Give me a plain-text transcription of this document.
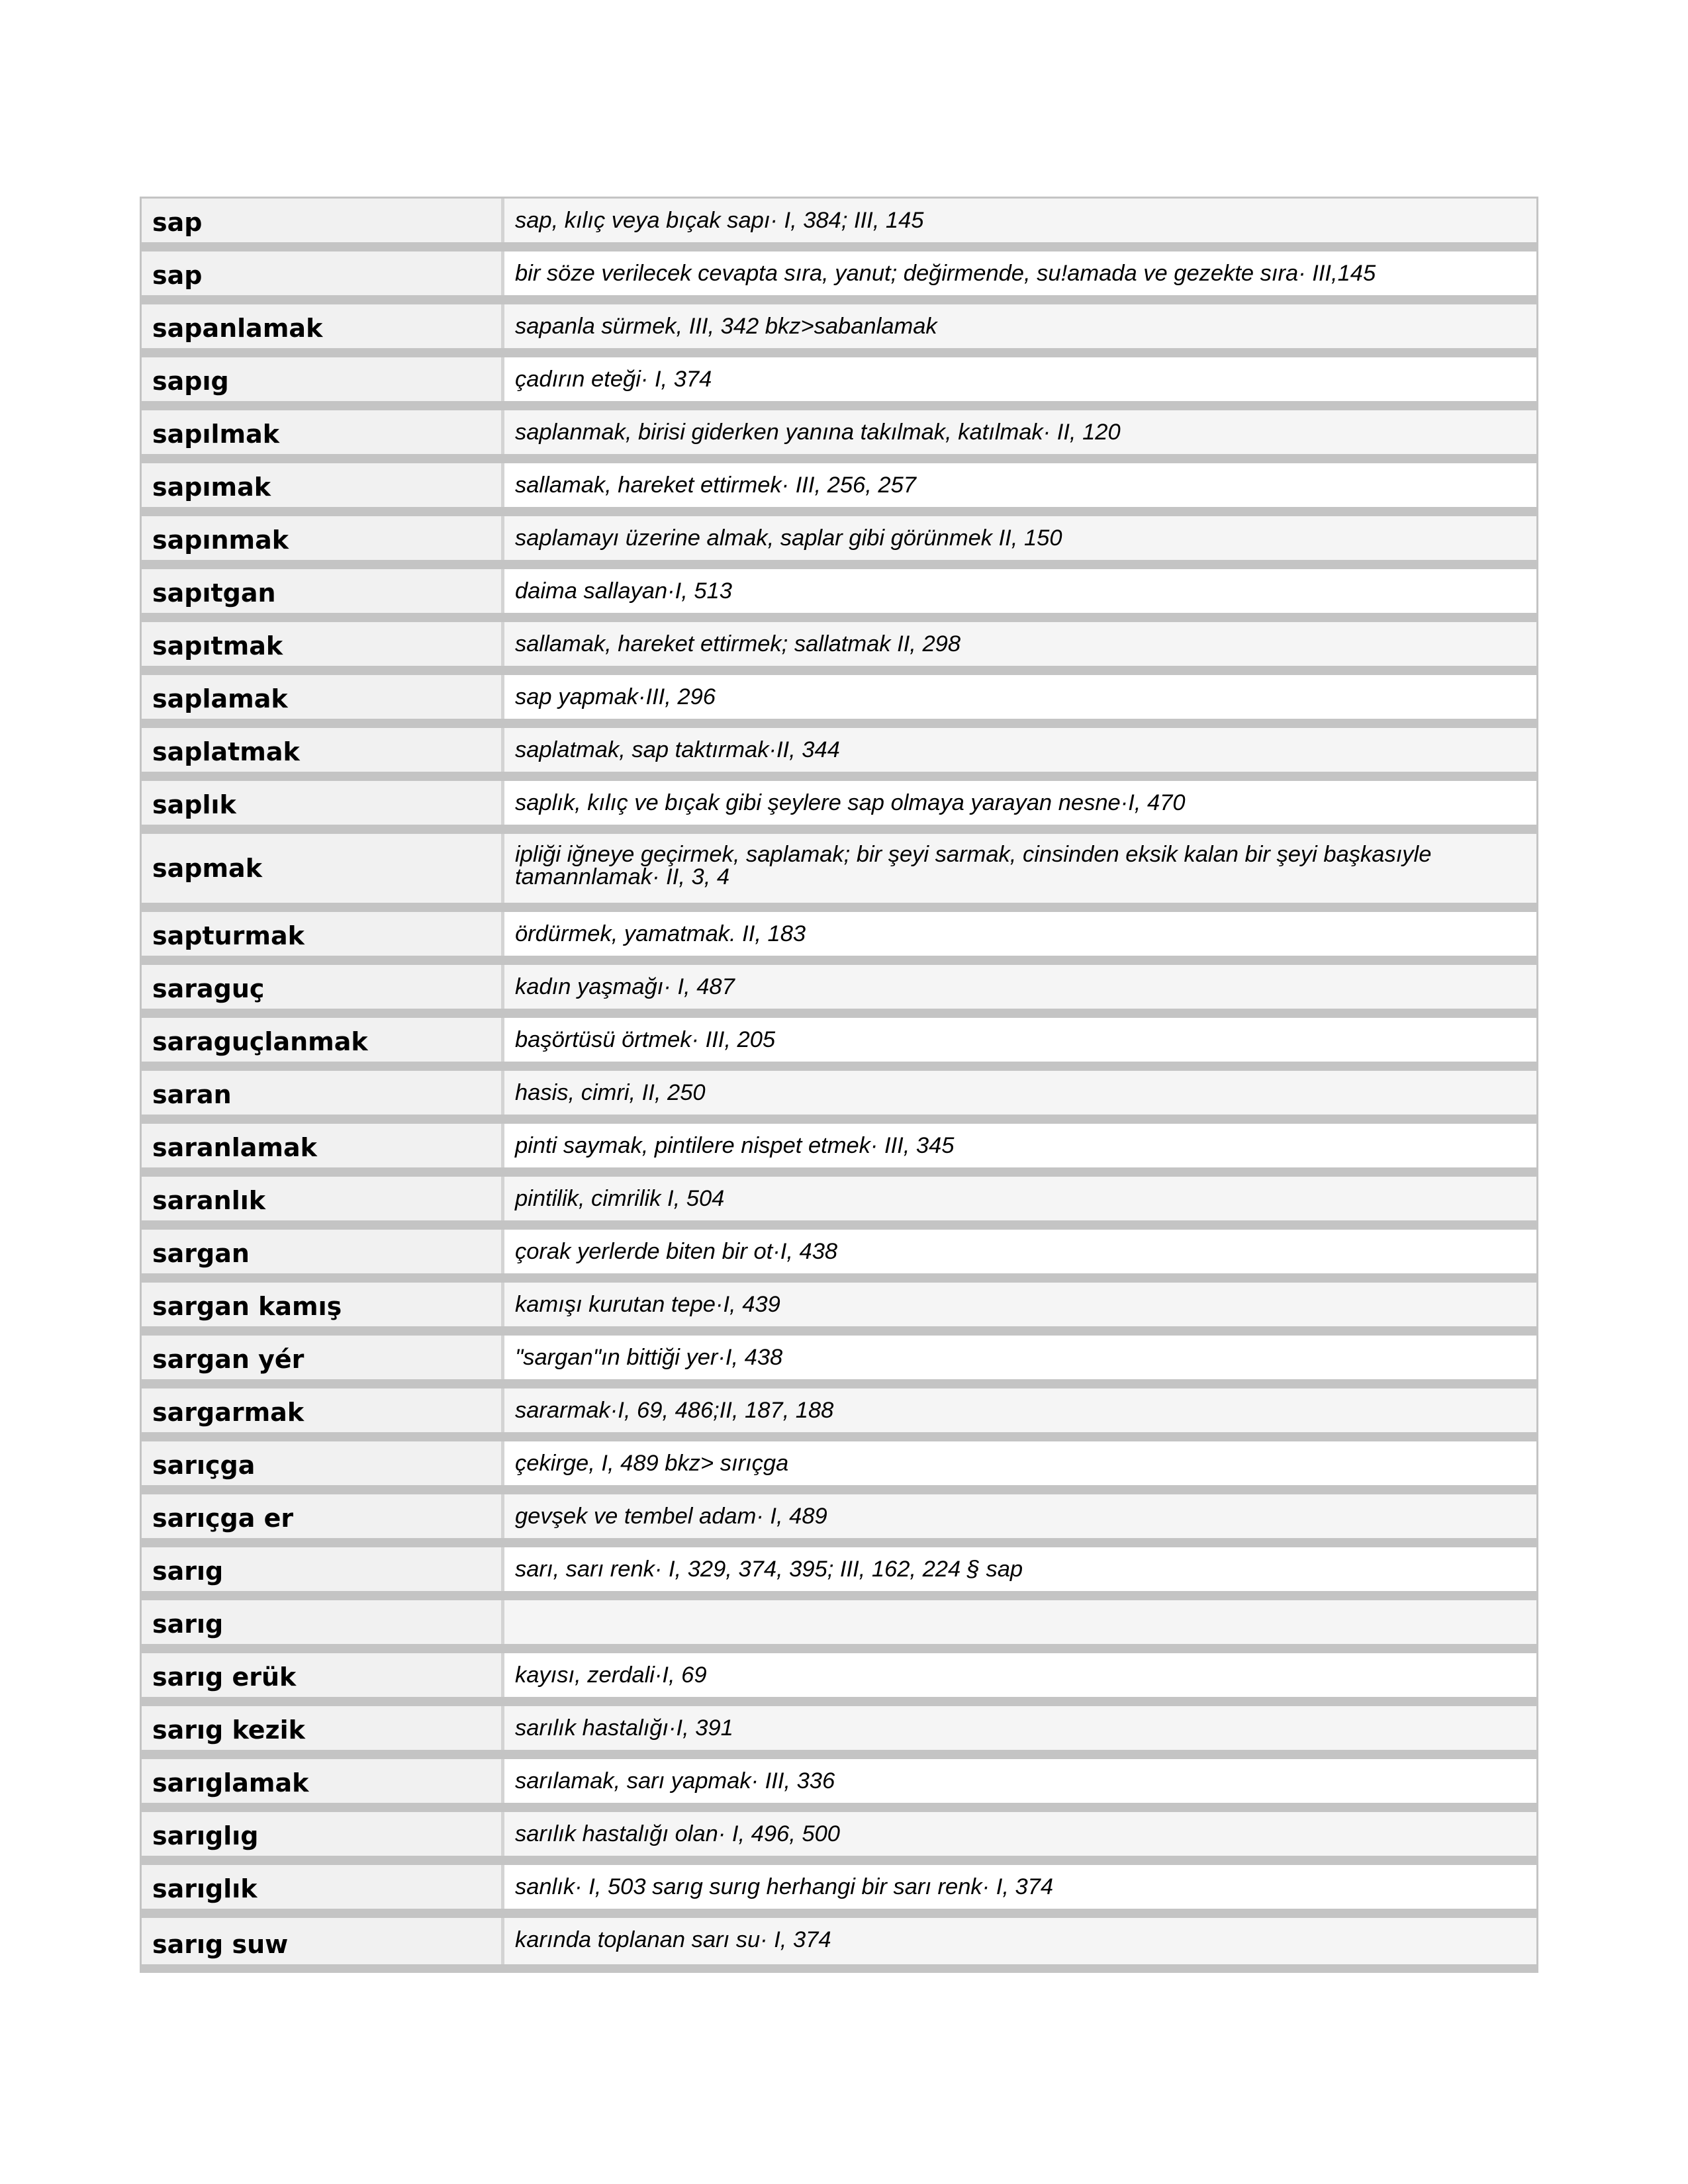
sap	sap, kılıç veya bıçak sapı· I, 384; III, 145
sap	bir söze verilecek cevapta sıra, yanut; değirmende, su!amada ve gezekte sıra· III,145
sapanlamak	sapanla sürmek, III, 342 bkz>sabanlamak
sapıg	çadırın eteği· I, 374
sapılmak	saplanmak, birisi giderken yanına takılmak, katılmak· II, 120
sapımak	sallamak, hareket ettirmek· III, 256, 257
sapınmak	saplamayı üzerine almak, saplar gibi görünmek II, 150
sapıtgan	daima sallayan·I, 513
sapıtmak	sallamak, hareket ettirmek; sallatmak II, 298
saplamak	sap yapmak·III, 296
saplatmak	saplatmak, sap taktırmak·II, 344
saplık	saplık, kılıç ve bıçak gibi şeylere sap olmaya yarayan nesne·I, 470
sapmak	ipliği iğneye geçirmek, saplamak; bir şeyi sarmak, cinsinden eksik kalan bir şeyi başkasıyle tamannlamak· II, 3, 4
sapturmak	ördürmek, yamatmak. II, 183
saraguç	kadın yaşmağı· I, 487
saraguçlanmak	başörtüsü örtmek· III, 205
saran	hasis, cimri, II, 250
saranlamak	pinti saymak, pintilere nispet etmek· III, 345
saranlık	pintilik, cimrilik I, 504
sargan	çorak yerlerde biten bir ot·I, 438
sargan kamış	kamışı kurutan tepe·I, 439
sargan yér	"sargan"ın bittiği yer·I, 438
sargarmak	sararmak·I, 69, 486;II, 187, 188
sarıçga	çekirge, I, 489 bkz> sırıçga
sarıçga er	gevşek ve tembel adam· I, 489
sarıg	sarı, sarı renk· I, 329, 374, 395; III, 162, 224 § sap
sarıg
sarıg erük	kayısı, zerdali·I, 69
sarıg kezik	sarılık hastalığı·I, 391
sarıglamak	sarılamak, sarı yapmak· III, 336
sarıglıg	sarılık hastalığı olan· I, 496, 500
sarıglık	sanlık· I, 503 sarıg surıg herhangi bir sarı renk· I, 374
sarıg suw	karında toplanan sarı su· I, 374
